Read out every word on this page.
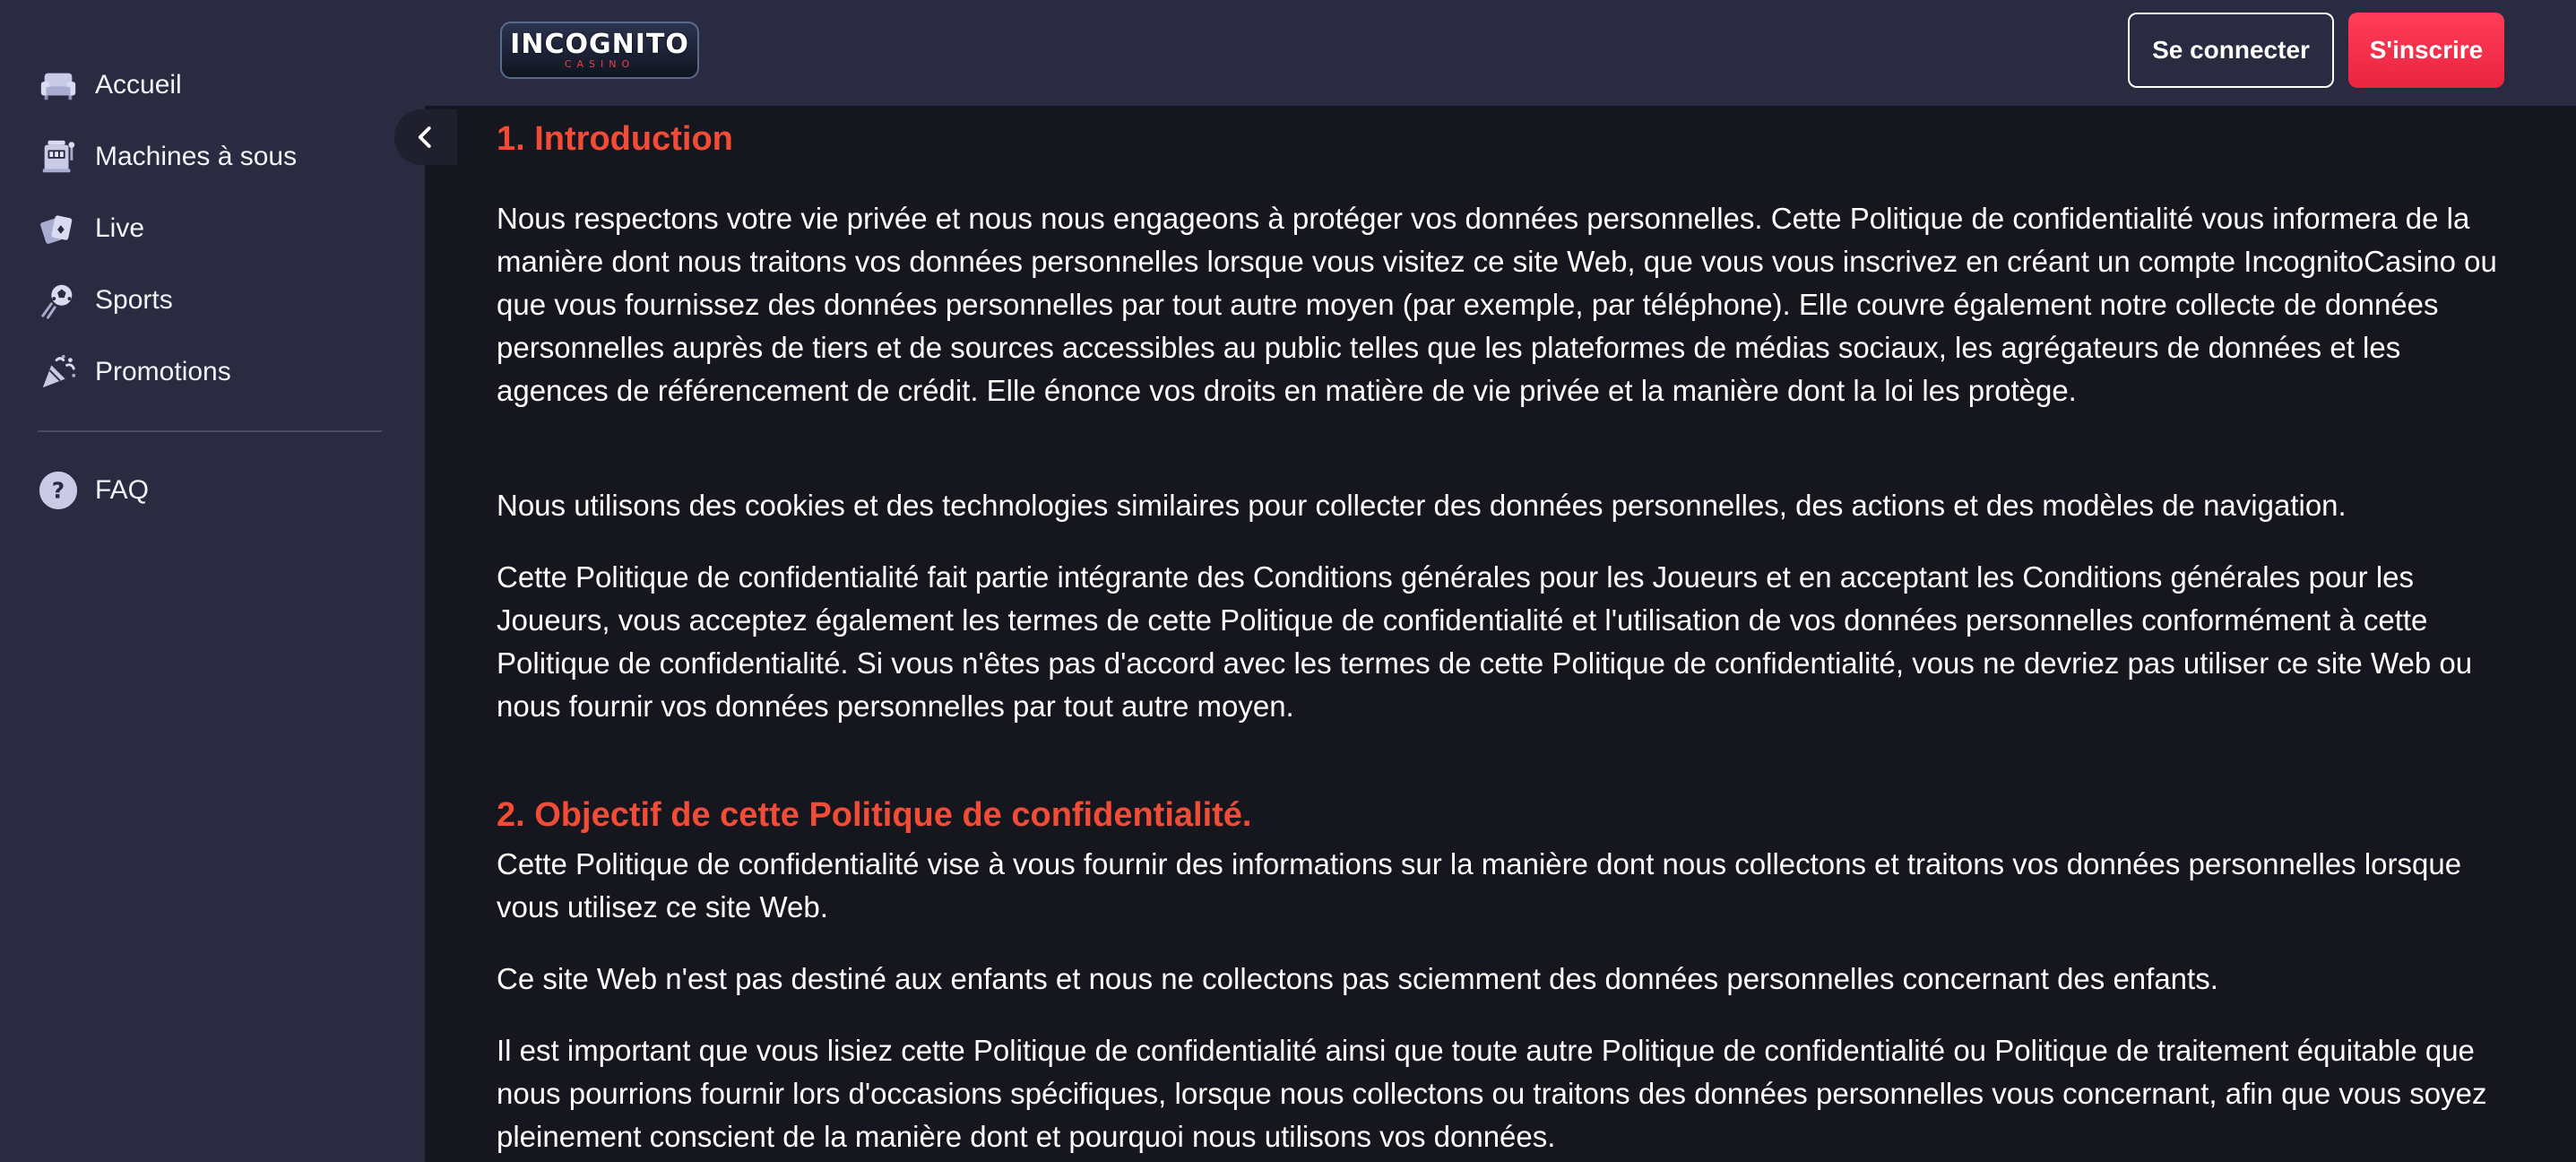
Accueil
Machines à sous
Live
Sports
Promotions
? FAQ
INCOGNITO
CASINO
Se connecter	S'inscrire
1. Introduction

Nous respectons votre vie privée et nous nous engageons à protéger vos données personnelles. Cette Politique de confidentialité vous informera de la manière dont nous traitons vos données personnelles lorsque vous visitez ce site Web, que vous vous inscrivez en créant un compte IncognitoCasino ou que vous fournissez des données personnelles par tout autre moyen (par exemple, par téléphone). Elle couvre également notre collecte de données personnelles auprès de tiers et de sources accessibles au public telles que les plateformes de médias sociaux, les agrégateurs de données et les agences de référencement de crédit. Elle énonce vos droits en matière de vie privée et la manière dont la loi les protège.

Nous utilisons des cookies et des technologies similaires pour collecter des données personnelles, des actions et des modèles de navigation.

Cette Politique de confidentialité fait partie intégrante des Conditions générales pour les Joueurs et en acceptant les Conditions générales pour les Joueurs, vous acceptez également les termes de cette Politique de confidentialité et l'utilisation de vos données personnelles conformément à cette Politique de confidentialité. Si vous n'êtes pas d'accord avec les termes de cette Politique de confidentialité, vous ne devriez pas utiliser ce site Web ou nous fournir vos données personnelles par tout autre moyen.

2. Objectif de cette Politique de confidentialité.

Cette Politique de confidentialité vise à vous fournir des informations sur la manière dont nous collectons et traitons vos données personnelles lorsque vous utilisez ce site Web.

Ce site Web n'est pas destiné aux enfants et nous ne collectons pas sciemment des données personnelles concernant des enfants.

Il est important que vous lisiez cette Politique de confidentialité ainsi que toute autre Politique de confidentialité ou Politique de traitement équitable que nous pourrions fournir lors d'occasions spécifiques, lorsque nous collectons ou traitons des données personnelles vous concernant, afin que vous soyez pleinement conscient de la manière dont et pourquoi nous utilisons vos données.
